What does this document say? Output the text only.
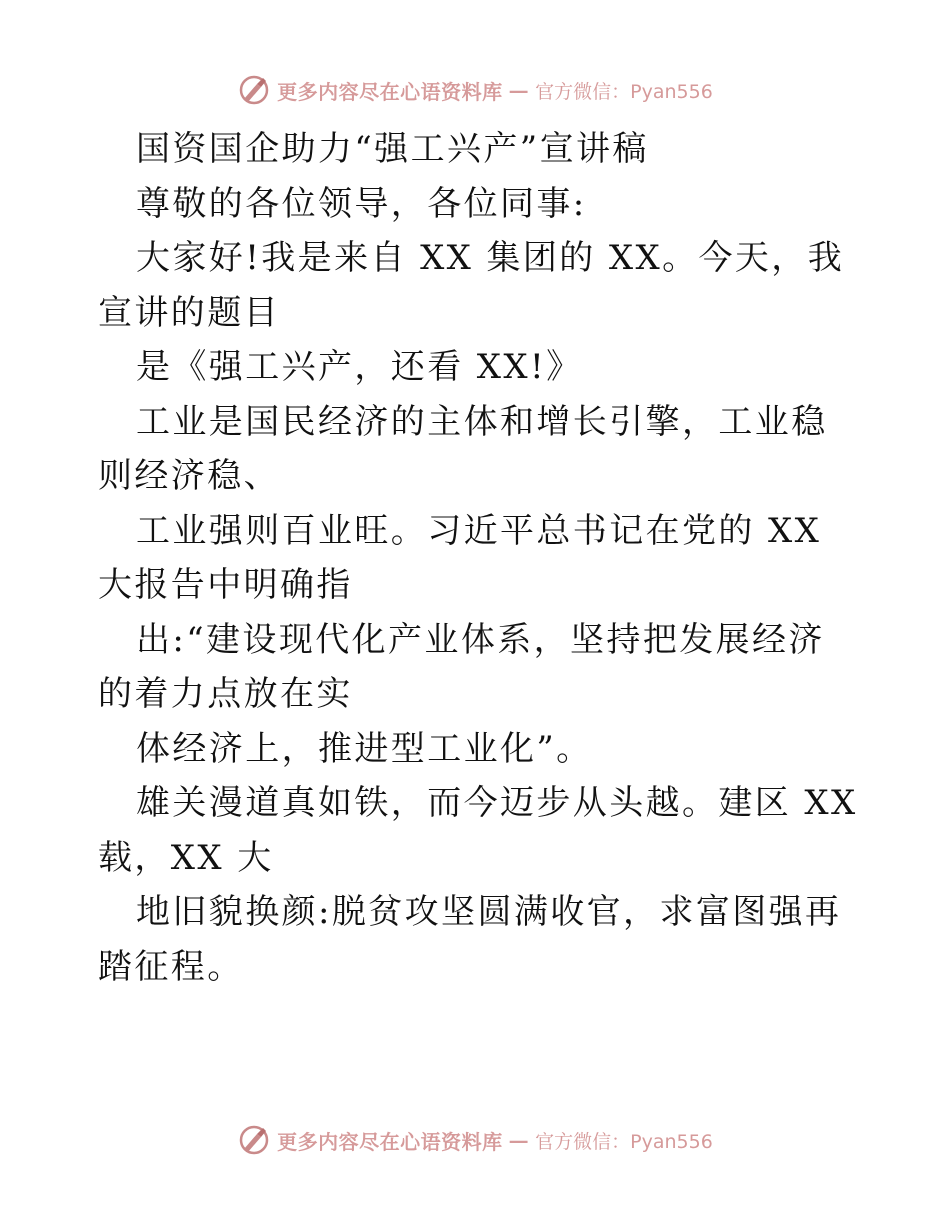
更多内容尽在心语资料库 — 官方微信：Pyan556

国资国企助力“强工兴产”宣讲稿

尊敬的各位领导，各位同事:

大家好!我是来自 XX 集团的 XX。今天，我宣讲的题目

是《强工兴产，还看 XX!》

工业是国民经济的主体和增长引擎，工业稳则经济稳、

工业强则百业旺。习近平总书记在党的 XX 大报告中明确指

出:“建设现代化产业体系，坚持把发展经济的着力点放在实

体经济上，推进型工业化”。

雄关漫道真如铁，而今迈步从头越。建区 XX 载，XX 大

地旧貌换颜:脱贫攻坚圆满收官，求富图强再踏征程。

更多内容尽在心语资料库 — 官方微信：Pyan556
